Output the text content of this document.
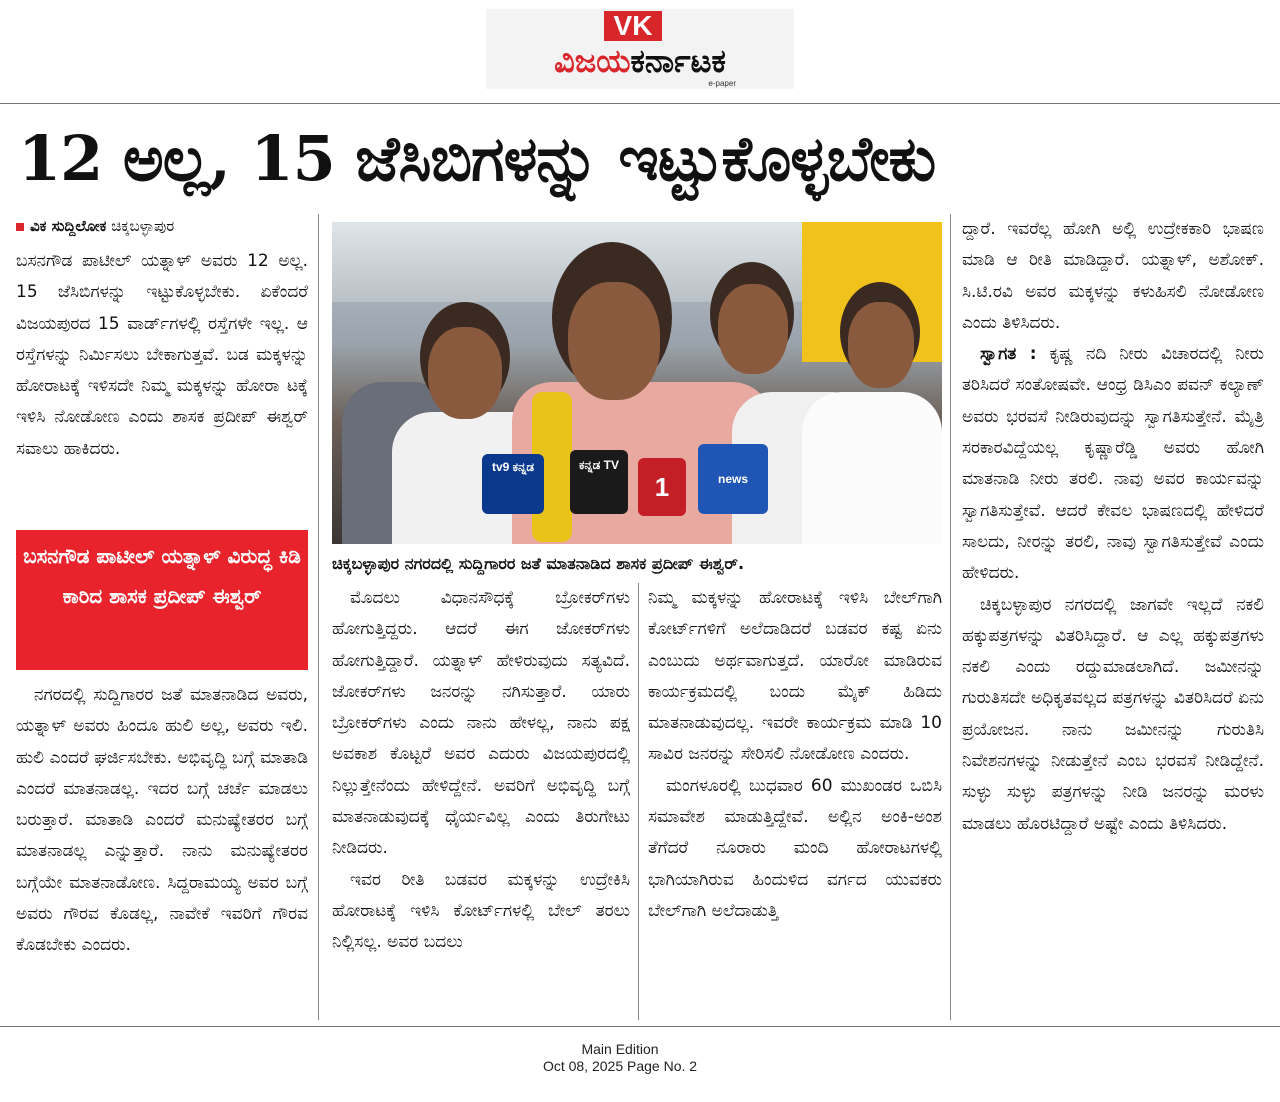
VK
ವಿಜಯಕರ್ನಾಟಕ
e-paper
12 ಅಲ್ಲ, 15 ಜೆಸಿಬಿಗಳನ್ನು ಇಟ್ಟುಕೊಳ್ಳಬೇಕು
ವಿಕ ಸುದ್ದಿಲೋಕ ಚಿಕ್ಕಬಳ್ಳಾಪುರ

ಬಸನಗೌಡ ಪಾಟೀಲ್ ಯತ್ನಾಳ್ ಅವರು 12 ಅಲ್ಲ. 15 ಜೆಸಿಬಿಗಳನ್ನು ಇಟ್ಟುಕೊಳ್ಳಬೇಕು. ಏಕೆಂದರೆ ವಿಜಯಪುರದ 15 ವಾರ್ಡ್‌ಗಳಲ್ಲಿ ರಸ್ತೆಗಳೇ ಇಲ್ಲ. ಆ ರಸ್ತೆಗಳನ್ನು ನಿರ್ಮಿಸಲು ಬೇಕಾಗುತ್ತವೆ. ಬಡ ಮಕ್ಕಳನ್ನು ಹೋರಾಟಕ್ಕೆ ಇಳಿಸದೇ ನಿಮ್ಮ ಮಕ್ಕಳನ್ನು ಹೋರಾ ಟಕ್ಕೆ ಇಳಿಸಿ ನೋಡೋಣ ಎಂದು ಶಾಸಕ ಪ್ರದೀಪ್ ಈಶ್ವರ್ ಸವಾಲು ಹಾಕಿದರು.

ಬಸನಗೌಡ ಪಾಟೀಲ್ ಯತ್ನಾಳ್ ವಿರುದ್ಧ ಕಿಡಿ ಕಾರಿದ ಶಾಸಕ ಪ್ರದೀಪ್ ಈಶ್ವರ್

ನಗರದಲ್ಲಿ ಸುದ್ದಿಗಾರರ ಜತೆ ಮಾತನಾಡಿದ ಅವರು, ಯತ್ನಾಳ್ ಅವರು ಹಿಂದೂ ಹುಲಿ ಅಲ್ಲ, ಅವರು ಇಲಿ. ಹುಲಿ ಎಂದರೆ ಘರ್ಜಿಸಬೇಕು. ಅಭಿವೃದ್ಧಿ ಬಗ್ಗೆ ಮಾತಾಡಿ ಎಂದರೆ ಮಾತನಾಡಲ್ಲ. ಇದರ ಬಗ್ಗೆ ಚರ್ಚೆ ಮಾಡಲು ಬರುತ್ತಾರೆ. ಮಾತಾಡಿ ಎಂದರೆ ಮನುಷ್ಯೇತರರ ಬಗ್ಗೆ ಮಾತನಾಡಲ್ಲ ಎನ್ನುತ್ತಾರೆ. ನಾನು ಮನುಷ್ಯೇತರರ ಬಗ್ಗೆಯೇ ಮಾತನಾಡೋಣ. ಸಿದ್ದರಾಮಯ್ಯ ಅವರ ಬಗ್ಗೆ ಅವರು ಗೌರವ ಕೊಡಲ್ಲ, ನಾವೇಕೆ ಇವರಿಗೆ ಗೌರವ ಕೊಡಬೇಕು ಎಂದರು.

tv9 ಕನ್ನಡ	ಕನ್ನಡ TV
1	news
ಚಿಕ್ಕಬಳ್ಳಾಪುರ ನಗರದಲ್ಲಿ ಸುದ್ದಿಗಾರರ ಜತೆ ಮಾತನಾಡಿದ ಶಾಸಕ ಪ್ರದೀಪ್ ಈಶ್ವರ್.

ಮೊದಲು ವಿಧಾನಸೌಧಕ್ಕೆ ಬ್ರೋಕರ್‌ಗಳು ಹೋಗುತ್ತಿದ್ದರು. ಆದರೆ ಈಗ ಜೋಕರ್‌ಗಳು ಹೋಗುತ್ತಿದ್ದಾರೆ. ಯತ್ನಾಳ್ ಹೇಳಿರುವುದು ಸತ್ಯವಿದೆ. ಜೋಕರ್‌ಗಳು ಜನರನ್ನು ನಗಿಸುತ್ತಾರೆ. ಯಾರು ಬ್ರೋಕರ್‌ಗಳು ಎಂದು ನಾನು ಹೇಳಲ್ಲ, ನಾನು ಪಕ್ಷ ಅವಕಾಶ ಕೊಟ್ಟರೆ ಅವರ ಎದುರು ವಿಜಯಪುರದಲ್ಲಿ ನಿಲ್ಲುತ್ತೇನೆಂದು ಹೇಳಿದ್ದೇನೆ. ಅವರಿಗೆ ಅಭಿವೃದ್ಧಿ ಬಗ್ಗೆ ಮಾತನಾಡುವುದಕ್ಕೆ ಧೈರ್ಯವಿಲ್ಲ ಎಂದು ತಿರುಗೇಟು ನೀಡಿದರು.

ಇವರ ರೀತಿ ಬಡವರ ಮಕ್ಕಳನ್ನು ಉದ್ರೇಕಿಸಿ ಹೋರಾಟಕ್ಕೆ ಇಳಿಸಿ ಕೋರ್ಟ್‌ಗಳಲ್ಲಿ ಬೇಲ್ ತರಲು ನಿಲ್ಲಿಸಲ್ಲ. ಅವರ ಬದಲು

ನಿಮ್ಮ ಮಕ್ಕಳನ್ನು ಹೋರಾಟಕ್ಕೆ ಇಳಿಸಿ ಬೇಲ್‌ಗಾಗಿ ಕೋರ್ಟ್‌ಗಳಿಗೆ ಅಲೆದಾಡಿದರೆ ಬಡವರ ಕಷ್ಟ ಏನು ಎಂಬುದು ಅರ್ಥವಾಗುತ್ತದೆ. ಯಾರೋ ಮಾಡಿರುವ ಕಾರ್ಯಕ್ರಮದಲ್ಲಿ ಬಂದು ಮೈಕ್ ಹಿಡಿದು ಮಾತನಾಡುವುದಲ್ಲ. ಇವರೇ ಕಾರ್ಯಕ್ರಮ ಮಾಡಿ 10 ಸಾವಿರ ಜನರನ್ನು ಸೇರಿಸಲಿ ನೋಡೋಣ ಎಂದರು.

ಮಂಗಳೂರಲ್ಲಿ ಬುಧವಾರ 60 ಮುಖಂಡರ ಒಬಿಸಿ ಸಮಾವೇಶ ಮಾಡುತ್ತಿದ್ದೇವೆ. ಅಲ್ಲಿನ ಅಂಕಿ-ಅಂಶ ತೆಗೆದರೆ ನೂರಾರು ಮಂದಿ ಹೋರಾಟಗಳಲ್ಲಿ ಭಾಗಿಯಾಗಿರುವ ಹಿಂದುಳಿದ ವರ್ಗದ ಯುವಕರು ಬೇಲ್‌ಗಾಗಿ ಅಲೆದಾಡುತ್ತಿ

ದ್ದಾರೆ. ಇವರೆಲ್ಲ ಹೋಗಿ ಅಲ್ಲಿ ಉದ್ರೇಕಕಾರಿ ಭಾಷಣ ಮಾಡಿ ಆ ರೀತಿ ಮಾಡಿದ್ದಾರೆ. ಯತ್ನಾಳ್, ಅಶೋಕ್. ಸಿ.ಟಿ.ರವಿ ಅವರ ಮಕ್ಕಳನ್ನು ಕಳುಹಿಸಲಿ ನೋಡೋಣ ಎಂದು ತಿಳಿಸಿದರು.

ಸ್ವಾಗತ : ಕೃಷ್ಣ ನದಿ ನೀರು ವಿಚಾರದಲ್ಲಿ ನೀರು ತರಿಸಿದರೆ ಸಂತೋಷವೇ. ಆಂಧ್ರ ಡಿಸಿಎಂ ಪವನ್ ಕಲ್ಯಾಣ್ ಅವರು ಭರವಸೆ ನೀಡಿರುವುದನ್ನು ಸ್ವಾಗತಿಸುತ್ತೇನೆ. ಮೈತ್ರಿ ಸರಕಾರವಿದ್ದೆಯಲ್ಲ ಕೃಷ್ಣಾರೆಡ್ಡಿ ಅವರು ಹೋಗಿ ಮಾತನಾಡಿ ನೀರು ತರಲಿ. ನಾವು ಅವರ ಕಾರ್ಯವನ್ನು ಸ್ವಾಗತಿಸುತ್ತೇವೆ. ಆದರೆ ಕೇವಲ ಭಾಷಣದಲ್ಲಿ ಹೇಳಿದರೆ ಸಾಲದು, ನೀರನ್ನು ತರಲಿ, ನಾವು ಸ್ವಾಗತಿಸುತ್ತೇವೆ ಎಂದು ಹೇಳಿದರು.

ಚಿಕ್ಕಬಳ್ಳಾಪುರ ನಗರದಲ್ಲಿ ಜಾಗವೇ ಇಲ್ಲದೆ ನಕಲಿ ಹಕ್ಕುಪತ್ರಗಳನ್ನು ವಿತರಿಸಿದ್ದಾರೆ. ಆ ಎಲ್ಲ ಹಕ್ಕುಪತ್ರಗಳು ನಕಲಿ ಎಂದು ರದ್ದುಮಾಡಲಾಗಿದೆ. ಜಮೀನನ್ನು ಗುರುತಿಸದೇ ಅಧಿಕೃತವಲ್ಲದ ಪತ್ರಗಳನ್ನು ವಿತರಿಸಿದರೆ ಏನು ಪ್ರಯೋಜನ. ನಾನು ಜಮೀನನ್ನು ಗುರುತಿಸಿ ನಿವೇಶನಗಳನ್ನು ನೀಡುತ್ತೇನೆ ಎಂಬ ಭರವಸೆ ನೀಡಿದ್ದೇನೆ. ಸುಳ್ಳು ಸುಳ್ಳು ಪತ್ರಗಳನ್ನು ನೀಡಿ ಜನರನ್ನು ಮರಳು ಮಾಡಲು ಹೊರಟಿದ್ದಾರೆ ಅಷ್ಟೇ ಎಂದು ತಿಳಿಸಿದರು.

Main Edition
Oct 08, 2025 Page No. 2
